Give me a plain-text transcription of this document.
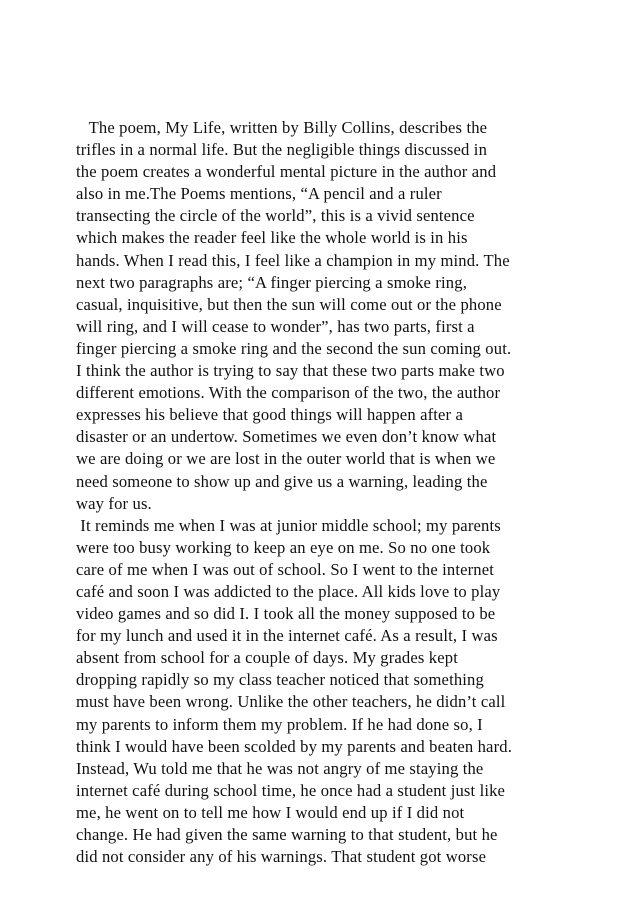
The poem, My Life, written by Billy Collins, describes the
trifles in a normal life. But the negligible things discussed in
the poem creates a wonderful mental picture in the author and
also in me.The Poems mentions, “A pencil and a ruler
transecting the circle of the world”, this is a vivid sentence
which makes the reader feel like the whole world is in his
hands. When I read this, I feel like a champion in my mind. The
next two paragraphs are; “A finger piercing a smoke ring,
casual, inquisitive, but then the sun will come out or the phone
will ring, and I will cease to wonder”, has two parts, first a
finger piercing a smoke ring and the second the sun coming out.
I think the author is trying to say that these two parts make two
different emotions. With the comparison of the two, the author
expresses his believe that good things will happen after a
disaster or an undertow. Sometimes we even don’t know what
we are doing or we are lost in the outer world that is when we
need someone to show up and give us a warning, leading the
way for us.
It reminds me when I was at junior middle school; my parents
were too busy working to keep an eye on me. So no one took
care of me when I was out of school. So I went to the internet
café and soon I was addicted to the place. All kids love to play
video games and so did I. I took all the money supposed to be
for my lunch and used it in the internet café. As a result, I was
absent from school for a couple of days. My grades kept
dropping rapidly so my class teacher noticed that something
must have been wrong. Unlike the other teachers, he didn’t call
my parents to inform them my problem. If he had done so, I
think I would have been scolded by my parents and beaten hard.
Instead, Wu told me that he was not angry of me staying the
internet café during school time, he once had a student just like
me, he went on to tell me how I would end up if I did not
change. He had given the same warning to that student, but he
did not consider any of his warnings. That student got worse
